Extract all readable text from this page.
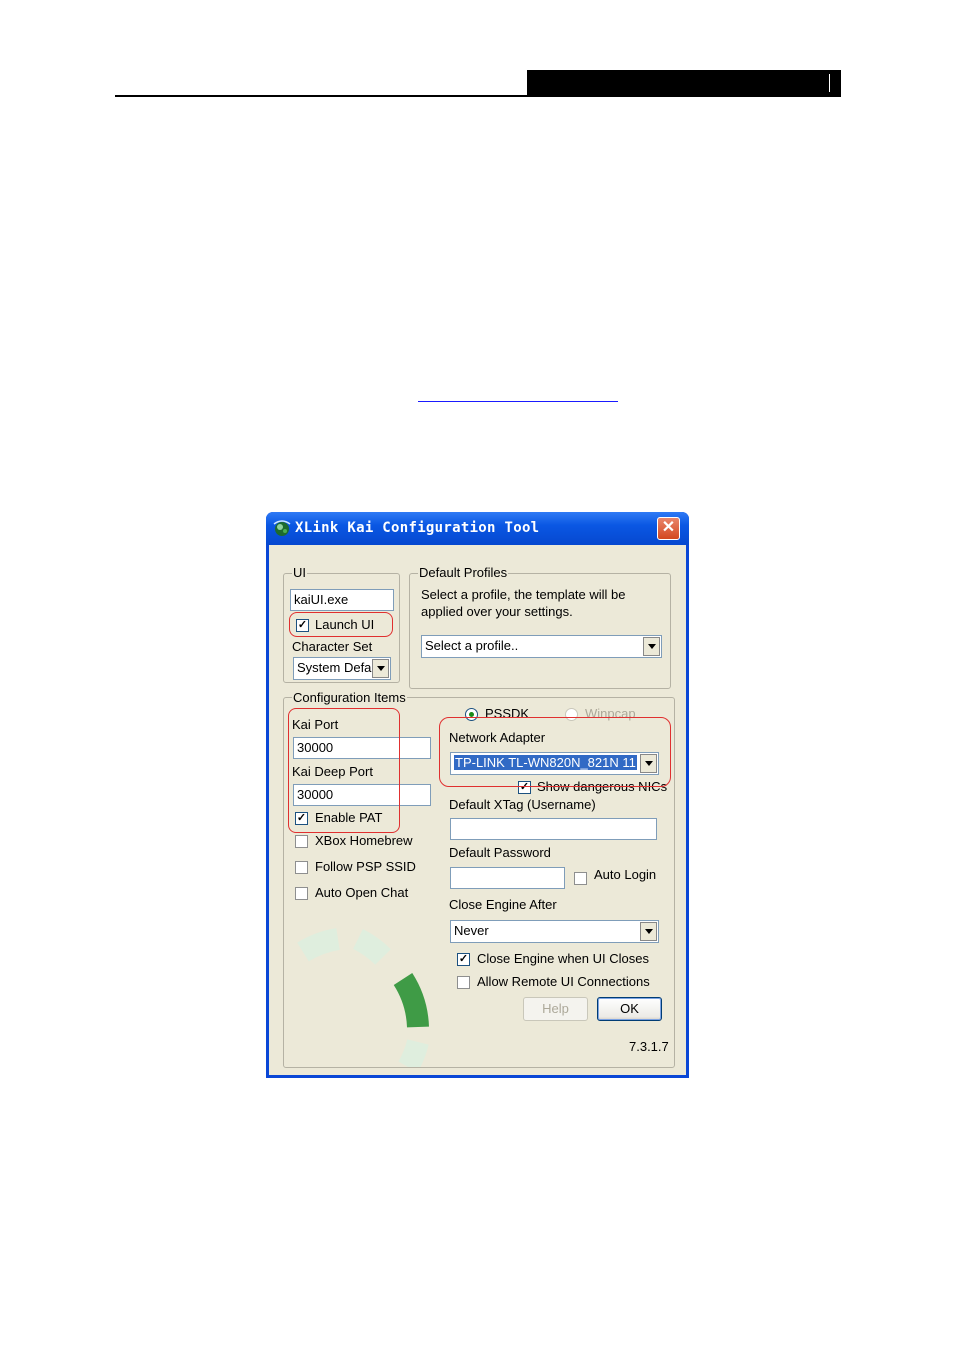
XLink Kai Configuration Tool	✕
UI
kaiUI.exe
✓ Launch UI
Character Set
System Defa
Default Profiles
Select a profile, the template will be
applied over your settings.
Select a profile..
Configuration Items
PSSDK	Winpcap
Kai Port
30000
Kai Deep Port
30000
✓ Enable PAT
XBox Homebrew
Follow PSP SSID
Auto Open Chat
Network Adapter
TP-LINK TL-WN820N_821N 11
✓ Show dangerous NICs
Default XTag (Username)
Default Password
Auto Login
Close Engine After
Never
✓ Close Engine when UI Closes
Allow Remote UI Connections
Help	OK
7.3.1.7
